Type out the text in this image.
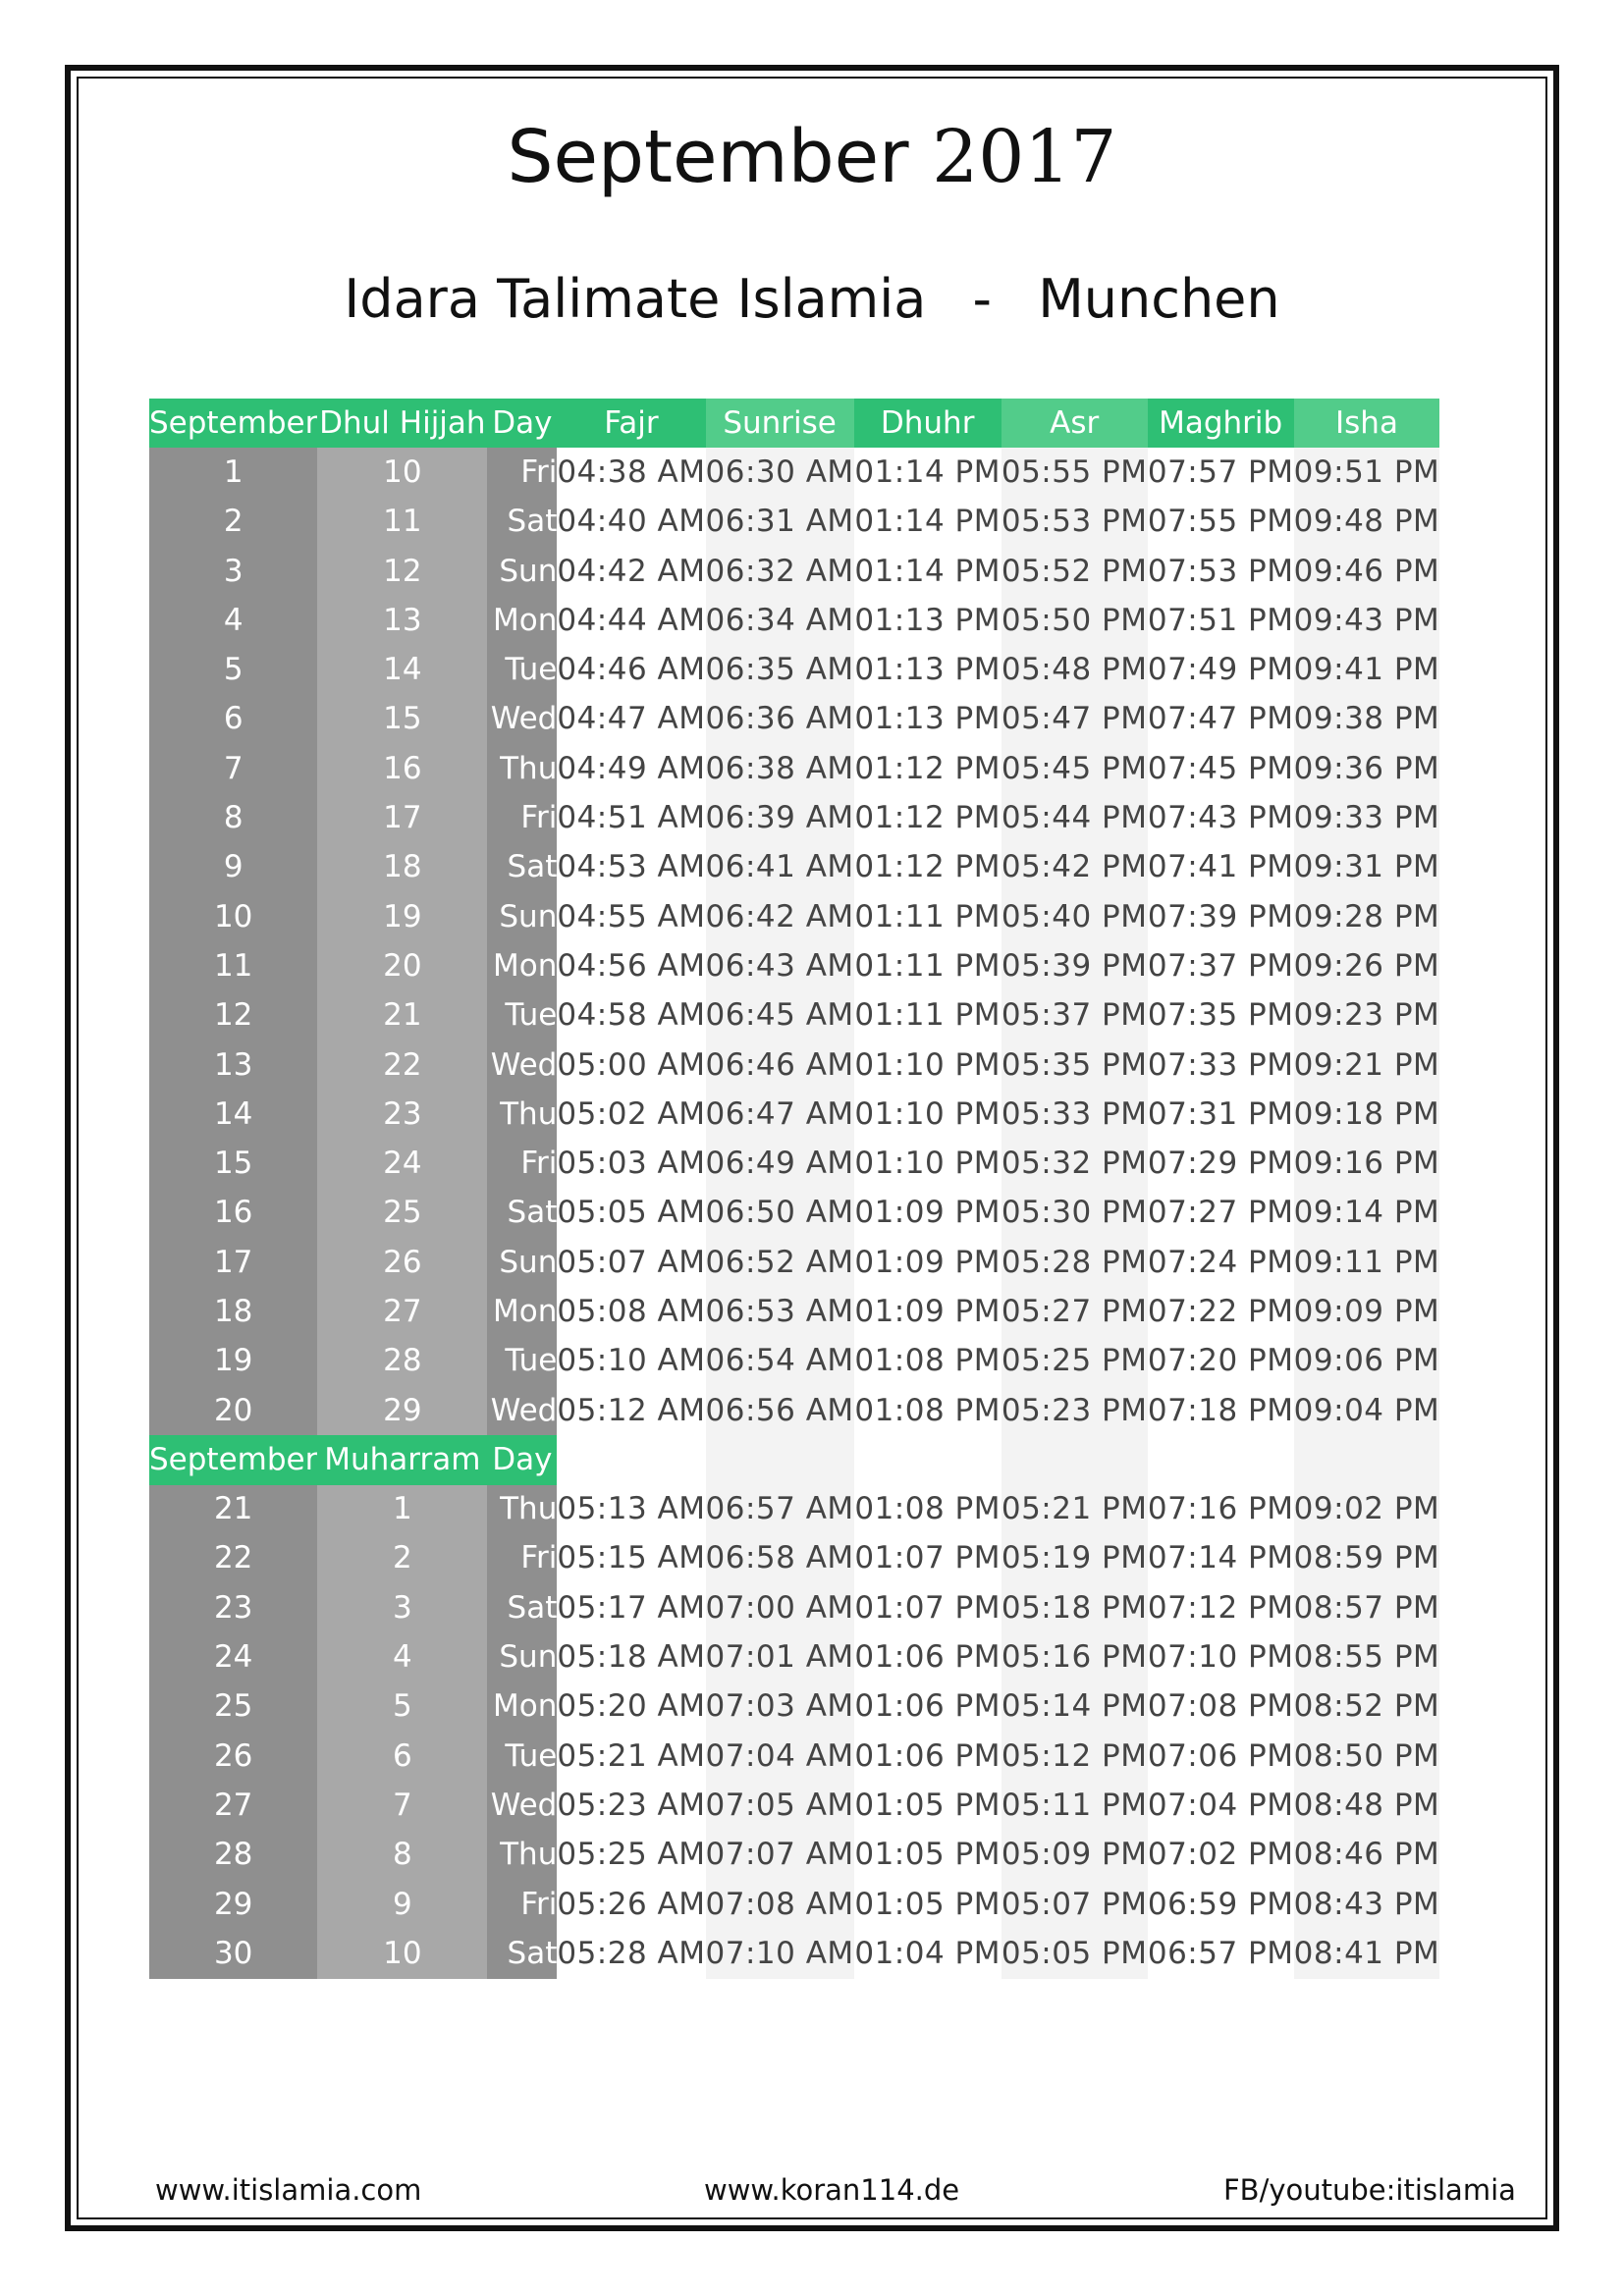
September 2017
Idara Talimate Islamia - Munchen
September	Dhul Hijjah	Day	Fajr	Sunrise	Dhuhr	Asr	Maghrib	Isha
1	10	Fri	04:38 AM	06:30 AM	01:14 PM	05:55 PM	07:57 PM	09:51 PM
2	11	Sat	04:40 AM	06:31 AM	01:14 PM	05:53 PM	07:55 PM	09:48 PM
3	12	Sun	04:42 AM	06:32 AM	01:14 PM	05:52 PM	07:53 PM	09:46 PM
4	13	Mon	04:44 AM	06:34 AM	01:13 PM	05:50 PM	07:51 PM	09:43 PM
5	14	Tue	04:46 AM	06:35 AM	01:13 PM	05:48 PM	07:49 PM	09:41 PM
6	15	Wed	04:47 AM	06:36 AM	01:13 PM	05:47 PM	07:47 PM	09:38 PM
7	16	Thu	04:49 AM	06:38 AM	01:12 PM	05:45 PM	07:45 PM	09:36 PM
8	17	Fri	04:51 AM	06:39 AM	01:12 PM	05:44 PM	07:43 PM	09:33 PM
9	18	Sat	04:53 AM	06:41 AM	01:12 PM	05:42 PM	07:41 PM	09:31 PM
10	19	Sun	04:55 AM	06:42 AM	01:11 PM	05:40 PM	07:39 PM	09:28 PM
11	20	Mon	04:56 AM	06:43 AM	01:11 PM	05:39 PM	07:37 PM	09:26 PM
12	21	Tue	04:58 AM	06:45 AM	01:11 PM	05:37 PM	07:35 PM	09:23 PM
13	22	Wed	05:00 AM	06:46 AM	01:10 PM	05:35 PM	07:33 PM	09:21 PM
14	23	Thu	05:02 AM	06:47 AM	01:10 PM	05:33 PM	07:31 PM	09:18 PM
15	24	Fri	05:03 AM	06:49 AM	01:10 PM	05:32 PM	07:29 PM	09:16 PM
16	25	Sat	05:05 AM	06:50 AM	01:09 PM	05:30 PM	07:27 PM	09:14 PM
17	26	Sun	05:07 AM	06:52 AM	01:09 PM	05:28 PM	07:24 PM	09:11 PM
18	27	Mon	05:08 AM	06:53 AM	01:09 PM	05:27 PM	07:22 PM	09:09 PM
19	28	Tue	05:10 AM	06:54 AM	01:08 PM	05:25 PM	07:20 PM	09:06 PM
20	29	Wed	05:12 AM	06:56 AM	01:08 PM	05:23 PM	07:18 PM	09:04 PM
September	Muharram	Day						
21	1	Thu	05:13 AM	06:57 AM	01:08 PM	05:21 PM	07:16 PM	09:02 PM
22	2	Fri	05:15 AM	06:58 AM	01:07 PM	05:19 PM	07:14 PM	08:59 PM
23	3	Sat	05:17 AM	07:00 AM	01:07 PM	05:18 PM	07:12 PM	08:57 PM
24	4	Sun	05:18 AM	07:01 AM	01:06 PM	05:16 PM	07:10 PM	08:55 PM
25	5	Mon	05:20 AM	07:03 AM	01:06 PM	05:14 PM	07:08 PM	08:52 PM
26	6	Tue	05:21 AM	07:04 AM	01:06 PM	05:12 PM	07:06 PM	08:50 PM
27	7	Wed	05:23 AM	07:05 AM	01:05 PM	05:11 PM	07:04 PM	08:48 PM
28	8	Thu	05:25 AM	07:07 AM	01:05 PM	05:09 PM	07:02 PM	08:46 PM
29	9	Fri	05:26 AM	07:08 AM	01:05 PM	05:07 PM	06:59 PM	08:43 PM
30	10	Sat	05:28 AM	07:10 AM	01:04 PM	05:05 PM	06:57 PM	08:41 PM
www.itislamia.com	www.koran114.de	FB/youtube:itislamia
